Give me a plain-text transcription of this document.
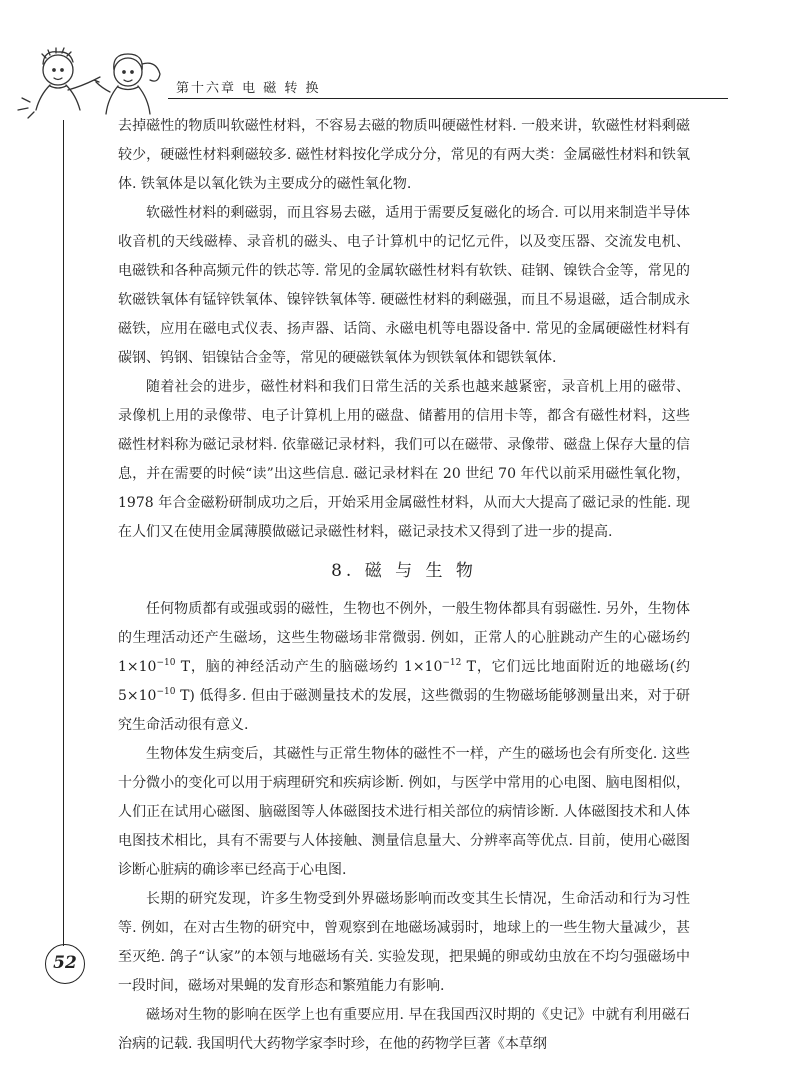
第十六章 电 磁 转 换

去掉磁性的物质叫软磁性材料，不容易去磁的物质叫硬磁性材料. 一般来讲，软磁性材料剩磁较少，硬磁性材料剩磁较多. 磁性材料按化学成分分，常见的有两大类：金属磁性材料和铁氧体. 铁氧体是以氧化铁为主要成分的磁性氧化物.

软磁性材料的剩磁弱，而且容易去磁，适用于需要反复磁化的场合. 可以用来制造半导体收音机的天线磁棒、录音机的磁头、电子计算机中的记忆元件，以及变压器、交流发电机、电磁铁和各种高频元件的铁芯等. 常见的金属软磁性材料有软铁、硅钢、镍铁合金等，常见的软磁铁氧体有锰锌铁氧体、镍锌铁氧体等. 硬磁性材料的剩磁强，而且不易退磁，适合制成永磁铁，应用在磁电式仪表、扬声器、话筒、永磁电机等电器设备中. 常见的金属硬磁性材料有碳钢、钨钢、铝镍钴合金等，常见的硬磁铁氧体为钡铁氧体和锶铁氧体.

随着社会的进步，磁性材料和我们日常生活的关系也越来越紧密，录音机上用的磁带、录像机上用的录像带、电子计算机上用的磁盘、储蓄用的信用卡等，都含有磁性材料，这些磁性材料称为磁记录材料. 依靠磁记录材料，我们可以在磁带、录像带、磁盘上保存大量的信息，并在需要的时候“读”出这些信息. 磁记录材料在 20 世纪 70 年代以前采用磁性氧化物，1978 年合金磁粉研制成功之后，开始采用金属磁性材料，从而大大提高了磁记录的性能. 现在人们又在使用金属薄膜做磁记录磁性材料，磁记录技术又得到了进一步的提高.

8. 磁 与 生 物

任何物质都有或强或弱的磁性，生物也不例外，一般生物体都具有弱磁性. 另外，生物体的生理活动还产生磁场，这些生物磁场非常微弱. 例如，正常人的心脏跳动产生的心磁场约 $1\times 10^{-10}$ T，脑的神经活动产生的脑磁场约 $1\times 10^{-12}$ T，它们远比地面附近的地磁场(约 $5\times 10^{-10}$ T) 低得多. 但由于磁测量技术的发展，这些微弱的生物磁场能够测量出来，对于研究生命活动很有意义.

生物体发生病变后，其磁性与正常生物体的磁性不一样，产生的磁场也会有所变化. 这些十分微小的变化可以用于病理研究和疾病诊断. 例如，与医学中常用的心电图、脑电图相似，人们正在试用心磁图、脑磁图等人体磁图技术进行相关部位的病情诊断. 人体磁图技术和人体电图技术相比，具有不需要与人体接触、测量信息量大、分辨率高等优点. 目前，使用心磁图诊断心脏病的确诊率已经高于心电图.

长期的研究发现，许多生物受到外界磁场影响而改变其生长情况，生命活动和行为习性等. 例如，在对古生物的研究中，曾观察到在地磁场减弱时，地球上的一些生物大量减少，甚至灭绝. 鸽子“认家”的本领与地磁场有关. 实验发现，把果蝇的卵或幼虫放在不均匀强磁场中一段时间，磁场对果蝇的发育形态和繁殖能力有影响.

磁场对生物的影响在医学上也有重要应用. 早在我国西汉时期的《史记》中就有利用磁石治病的记载. 我国明代大药物学家李时珍，在他的药物学巨著《本草纲

52
